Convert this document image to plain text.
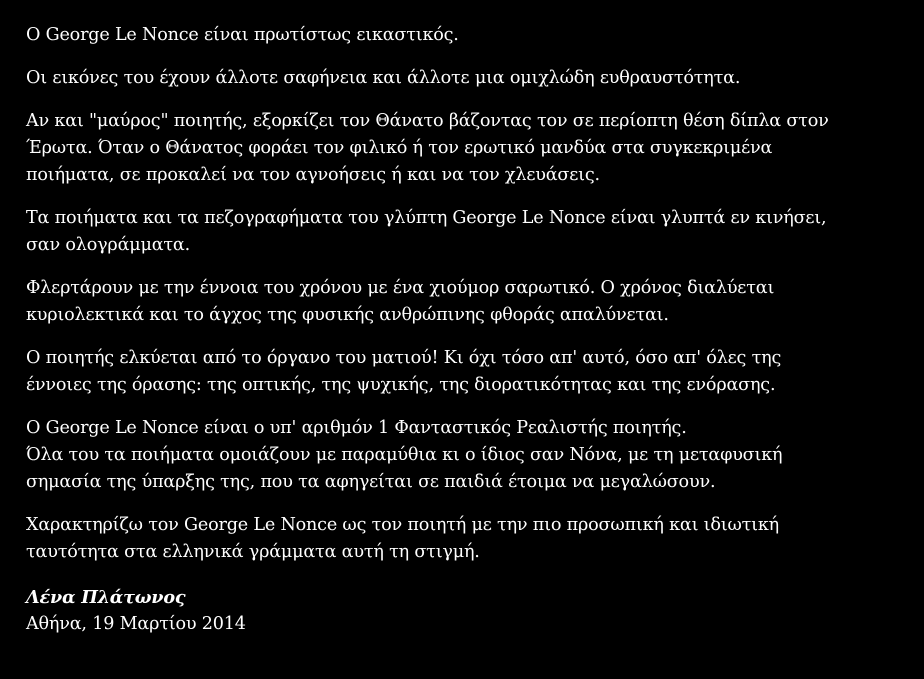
Ο George Le Nonce είναι πρωτίστως εικαστικός.

Οι εικόνες του έχουν άλλοτε σαφήνεια και άλλοτε μια ομιχλώδη ευθραυστότητα.

Αν και "μαύρος" ποιητής, εξορκίζει τον Θάνατο βάζοντας τον σε περίοπτη θέση δίπλα στον
Έρωτα. Όταν ο Θάνατος φοράει τον φιλικό ή τον ερωτικό μανδύα στα συγκεκριμένα
ποιήματα, σε προκαλεί να τον αγνοήσεις ή και να τον χλευάσεις.

Τα ποιήματα και τα πεζογραφήματα του γλύπτη George Le Nonce είναι γλυπτά εν κινήσει,
σαν ολογράμματα.

Φλερτάρουν με την έννοια του χρόνου με ένα χιούμορ σαρωτικό. Ο χρόνος διαλύεται
κυριολεκτικά και το άγχος της φυσικής ανθρώπινης φθοράς απαλύνεται.

Ο ποιητής ελκύεται από το όργανο του ματιού! Κι όχι τόσο απ' αυτό, όσο απ' όλες της
έννοιες της όρασης: της οπτικής, της ψυχικής, της διορατικότητας και της ενόρασης.

Ο George Le Nonce είναι ο υπ' αριθμόν 1 Φανταστικός Ρεαλιστής ποιητής.
Όλα του τα ποιήματα ομοιάζουν με παραμύθια κι ο ίδιος σαν Νόνα, με τη μεταφυσική
σημασία της ύπαρξης της, που τα αφηγείται σε παιδιά έτοιμα να μεγαλώσουν.

Χαρακτηρίζω τον George Le Nonce ως τον ποιητή με την πιο προσωπική και ιδιωτική
ταυτότητα στα ελληνικά γράμματα αυτή τη στιγμή.

Λένα Πλάτωνος
Αθήνα, 19 Μαρτίου 2014
